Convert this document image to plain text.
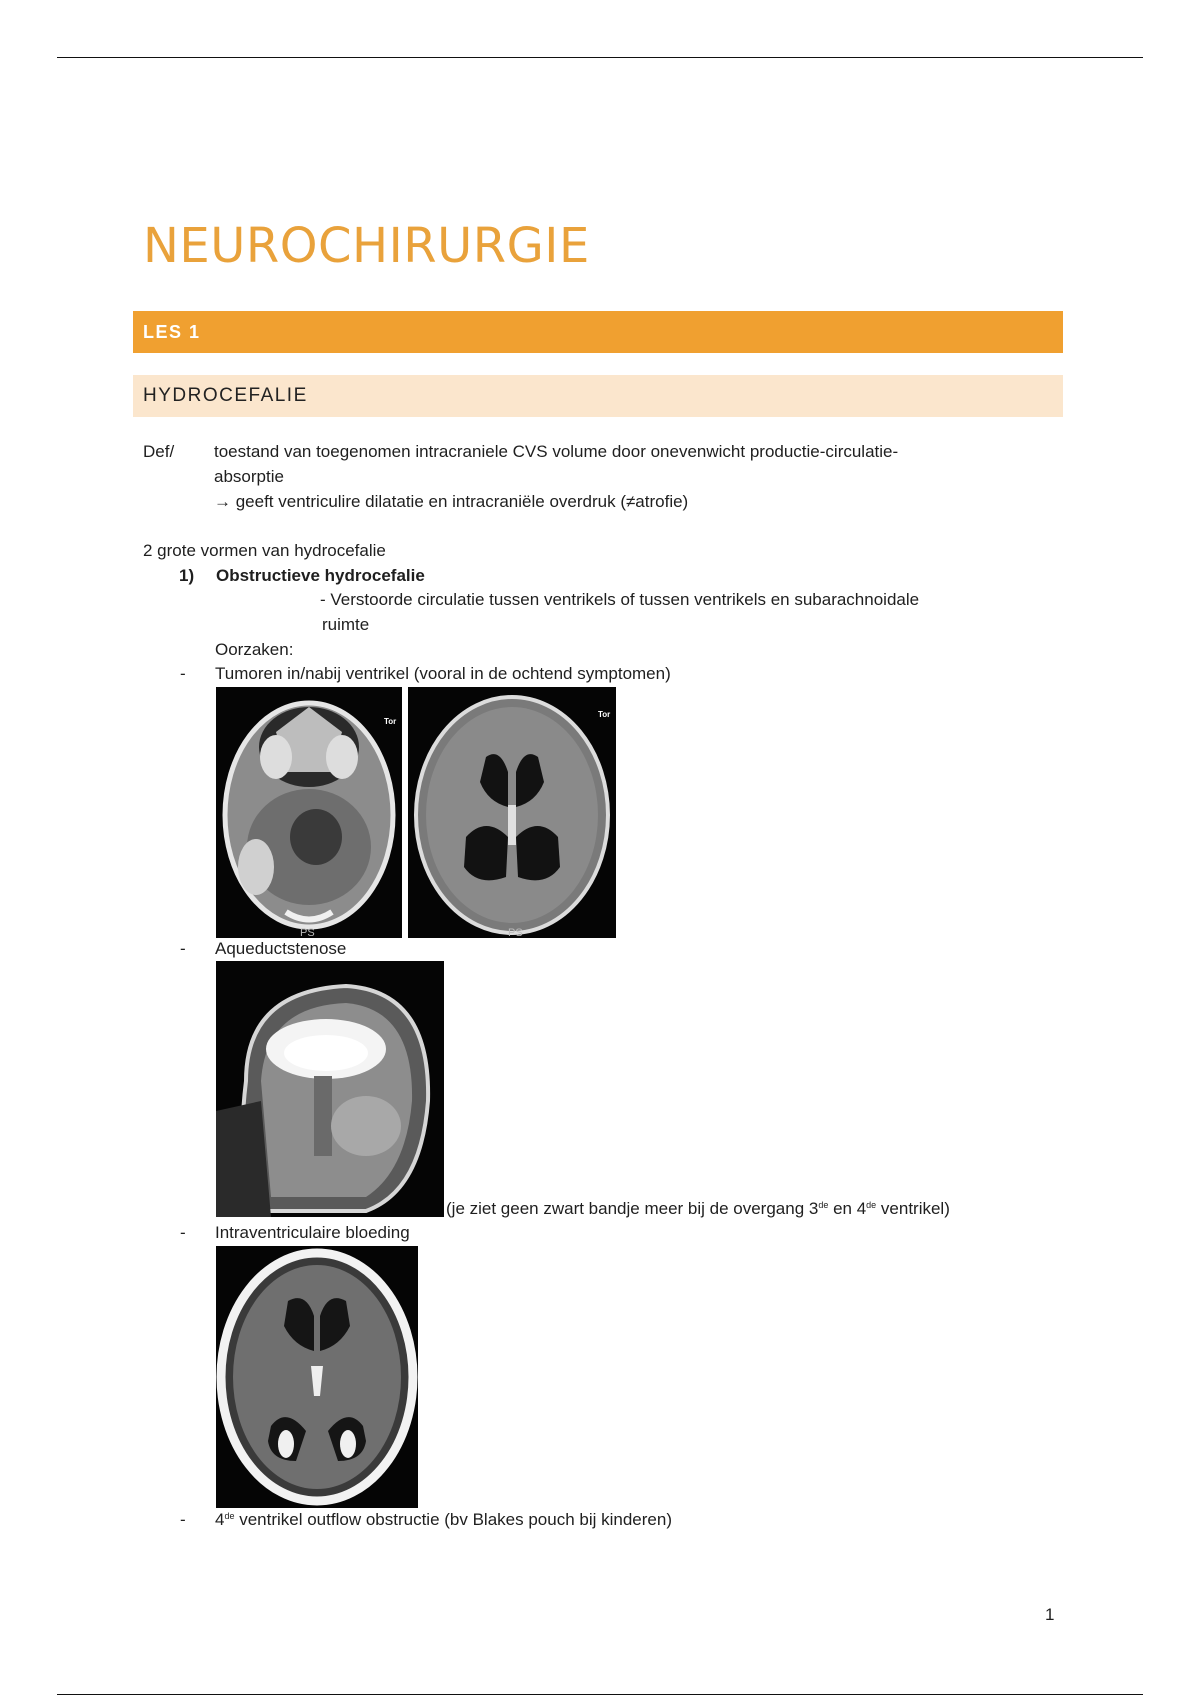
NEUROCHIRURGIE
LES 1
HYDROCEFALIE
Def/ toestand van toegenomen intracraniele CVS volume door onevenwicht productie-circulatie-
absorptie
→ geeft ventriculire dilatatie en intracraniële overdruk (≠atrofie)
2 grote vormen van hydrocefalie
1) Obstructieve hydrocefalie
- Verstoorde circulatie tussen ventrikels of tussen ventrikels en subarachnoidale
ruimte
Oorzaken:
- Tumoren in/nabij ventrikel (vooral in de ochtend symptomen)
Tor
PS
Tor
PS
- Aqueductstenose
(je ziet geen zwart bandje meer bij de overgang 3de en 4de ventrikel)
- Intraventriculaire bloeding
- 4de ventrikel outflow obstructie (bv Blakes pouch bij kinderen)
1
